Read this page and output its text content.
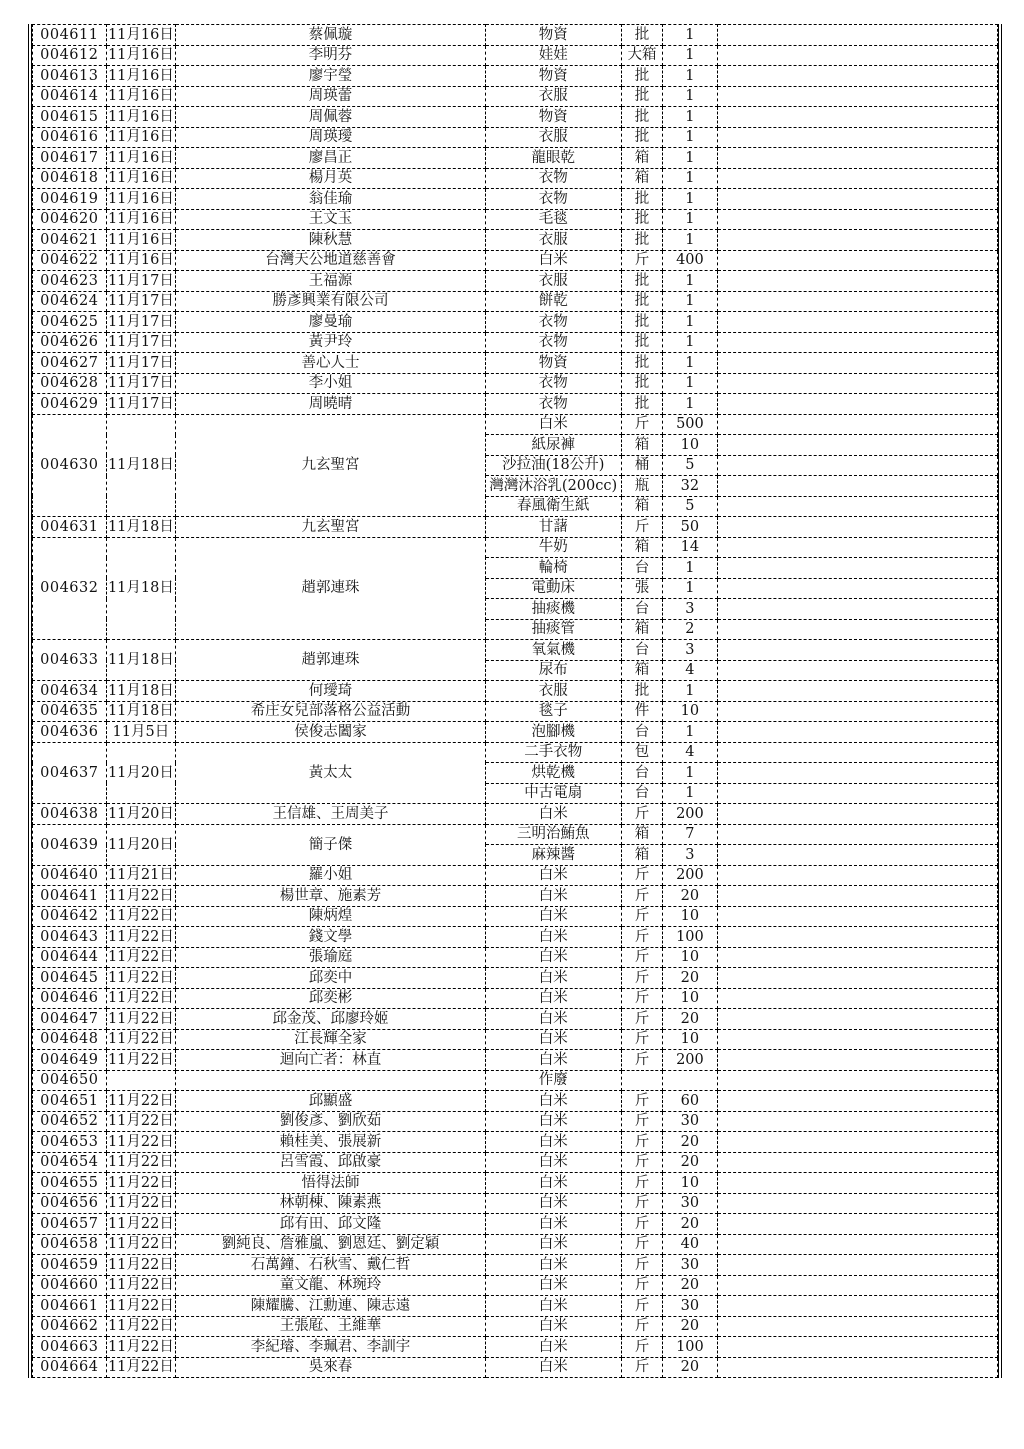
004611	11月16日	蔡佩璇	物資	批	1	
004612	11月16日	李明芬	娃娃	大箱	1	
004613	11月16日	廖宇瑩	物資	批	1	
004614	11月16日	周瑛蕾	衣服	批	1	
004615	11月16日	周佩蓉	物資	批	1	
004616	11月16日	周瑛璦	衣服	批	1	
004617	11月16日	廖昌正	龍眼乾	箱	1	
004618	11月16日	楊月英	衣物	箱	1	
004619	11月16日	翁佳瑜	衣物	批	1	
004620	11月16日	王文玉	毛毯	批	1	
004621	11月16日	陳秋慧	衣服	批	1	
004622	11月16日	台灣天公地道慈善會	白米	斤	400	
004623	11月17日	王福源	衣服	批	1	
004624	11月17日	勝彥興業有限公司	餅乾	批	1	
004625	11月17日	廖曼瑜	衣物	批	1	
004626	11月17日	黃尹玲	衣物	批	1	
004627	11月17日	善心人士	物資	批	1	
004628	11月17日	李小姐	衣物	批	1	
004629	11月17日	周曉晴	衣物	批	1	
004630	11月18日	九玄聖宮	白米	斤	500	
			紙尿褲	箱	10	
			沙拉油(18公升)	桶	5	
			灣灣沐浴乳(200cc)	瓶	32	
			春風衛生紙	箱	5	
004631	11月18日	九玄聖宮	甘藷	斤	50	
004632	11月18日	趙郭連珠	牛奶	箱	14	
			輪椅	台	1	
			電動床	張	1	
			抽痰機	台	3	
			抽痰管	箱	2	
004633	11月18日	趙郭連珠	氧氣機	台	3	
			尿布	箱	4	
004634	11月18日	何璦琦	衣服	批	1	
004635	11月18日	希庄女兒部落格公益活動	毯子	件	10	
004636	11月5日	侯俊志闔家	泡腳機	台	1	
004637	11月20日	黃太太	二手衣物	包	4	
			烘乾機	台	1	
			中古電扇	台	1	
004638	11月20日	王信雄、王周美子	白米	斤	200	
004639	11月20日	簡子傑	三明治鮪魚	箱	7	
			麻辣醬	箱	3	
004640	11月21日	羅小姐	白米	斤	200	
004641	11月22日	楊世章、施素芳	白米	斤	20	
004642	11月22日	陳炳煌	白米	斤	10	
004643	11月22日	錢文學	白米	斤	100	
004644	11月22日	張瑜庭	白米	斤	10	
004645	11月22日	邱奕中	白米	斤	20	
004646	11月22日	邱奕彬	白米	斤	10	
004647	11月22日	邱金茂、邱廖玲姬	白米	斤	20	
004648	11月22日	江長輝全家	白米	斤	10	
004649	11月22日	迴向亡者：林直	白米	斤	200	
004650			作廢			
004651	11月22日	邱顯盛	白米	斤	60	
004652	11月22日	劉俊彥、劉欣茹	白米	斤	30	
004653	11月22日	賴桂美、張展新	白米	斤	20	
004654	11月22日	呂雪霞、邱啟豪	白米	斤	20	
004655	11月22日	悟得法師	白米	斤	10	
004656	11月22日	林朝棟、陳素燕	白米	斤	30	
004657	11月22日	邱有田、邱文隆	白米	斤	20	
004658	11月22日	劉純良、詹雅嵐、劉恩廷、劉定穎	白米	斤	40	
004659	11月22日	石萬鐘、石秋雪、戴仁哲	白米	斤	30	
004660	11月22日	童文龍、林琬玲	白米	斤	20	
004661	11月22日	陳耀騰、江勳連、陳志遠	白米	斤	30	
004662	11月22日	王張屘、王維華	白米	斤	20	
004663	11月22日	李紀璿、李珮君、李訓宇	白米	斤	100	
004664	11月22日	吳來春	白米	斤	20	
